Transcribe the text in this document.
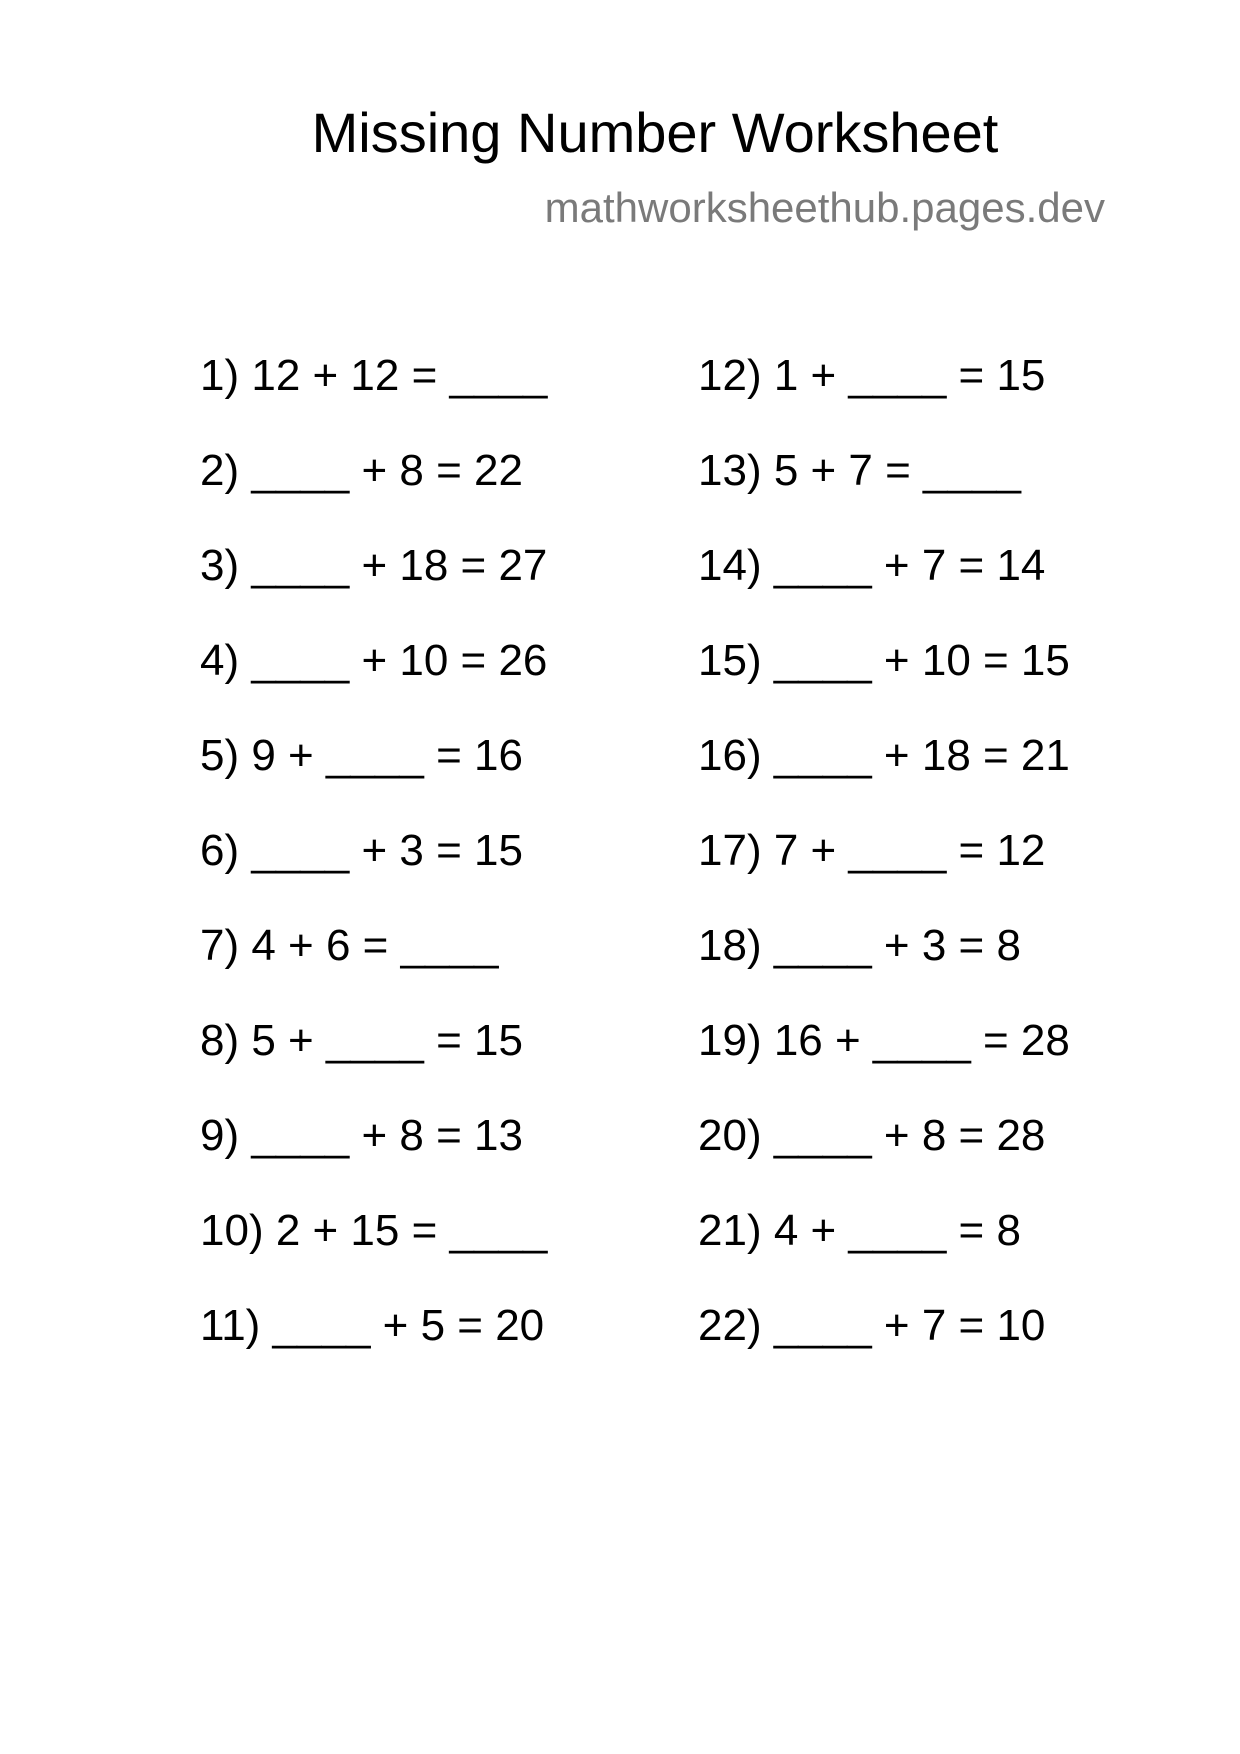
Missing Number Worksheet
mathworksheethub.pages.dev
1) 12 + 12 = ____
2) ____ + 8 = 22
3) ____ + 18 = 27
4) ____ + 10 = 26
5) 9 + ____ = 16
6) ____ + 3 = 15
7) 4 + 6 = ____
8) 5 + ____ = 15
9) ____ + 8 = 13
10) 2 + 15 = ____
11) ____ + 5 = 20
12) 1 + ____ = 15
13) 5 + 7 = ____
14) ____ + 7 = 14
15) ____ + 10 = 15
16) ____ + 18 = 21
17) 7 + ____ = 12
18) ____ + 3 = 8
19) 16 + ____ = 28
20) ____ + 8 = 28
21) 4 + ____ = 8
22) ____ + 7 = 10
